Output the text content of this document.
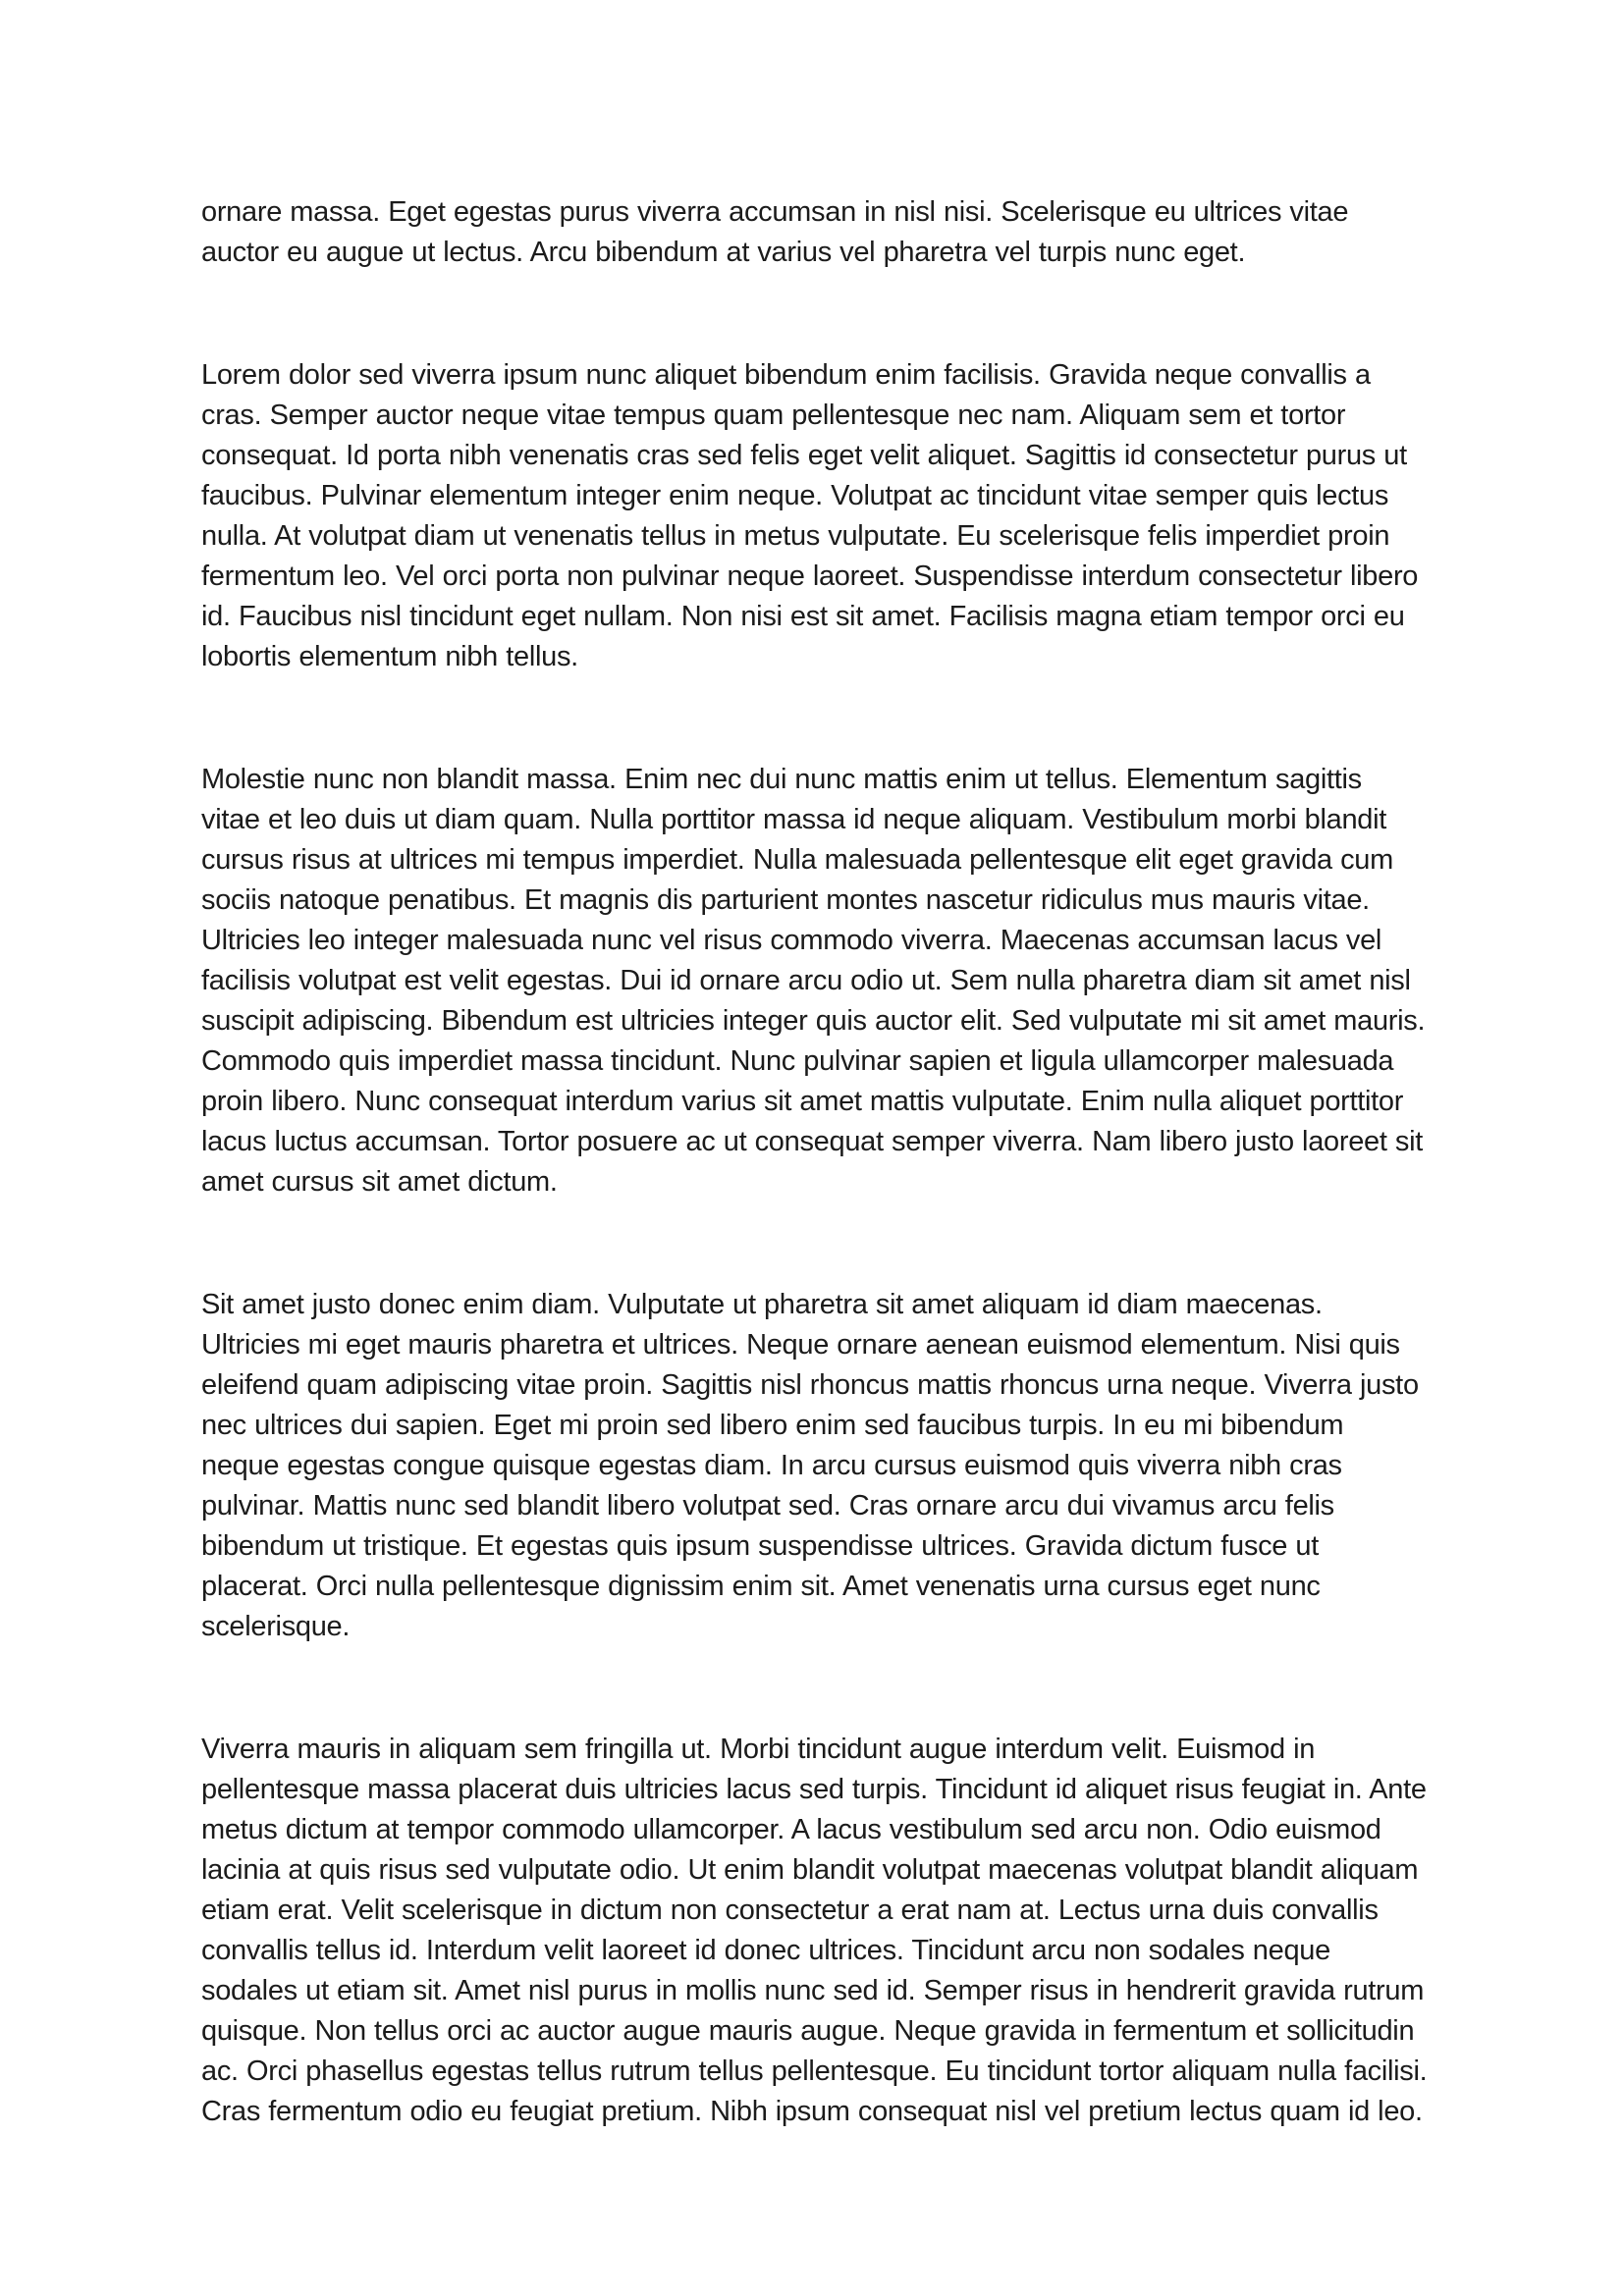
ornare massa. Eget egestas purus viverra accumsan in nisl nisi. Scelerisque eu ultrices vitae auctor eu augue ut lectus. Arcu bibendum at varius vel pharetra vel turpis nunc eget.

Lorem dolor sed viverra ipsum nunc aliquet bibendum enim facilisis. Gravida neque convallis a cras. Semper auctor neque vitae tempus quam pellentesque nec nam. Aliquam sem et tortor consequat. Id porta nibh venenatis cras sed felis eget velit aliquet. Sagittis id consectetur purus ut faucibus. Pulvinar elementum integer enim neque. Volutpat ac tincidunt vitae semper quis lectus nulla. At volutpat diam ut venenatis tellus in metus vulputate. Eu scelerisque felis imperdiet proin fermentum leo. Vel orci porta non pulvinar neque laoreet. Suspendisse interdum consectetur libero id. Faucibus nisl tincidunt eget nullam. Non nisi est sit amet. Facilisis magna etiam tempor orci eu lobortis elementum nibh tellus.

Molestie nunc non blandit massa. Enim nec dui nunc mattis enim ut tellus. Elementum sagittis vitae et leo duis ut diam quam. Nulla porttitor massa id neque aliquam. Vestibulum morbi blandit cursus risus at ultrices mi tempus imperdiet. Nulla malesuada pellentesque elit eget gravida cum sociis natoque penatibus. Et magnis dis parturient montes nascetur ridiculus mus mauris vitae. Ultricies leo integer malesuada nunc vel risus commodo viverra. Maecenas accumsan lacus vel facilisis volutpat est velit egestas. Dui id ornare arcu odio ut. Sem nulla pharetra diam sit amet nisl suscipit adipiscing. Bibendum est ultricies integer quis auctor elit. Sed vulputate mi sit amet mauris. Commodo quis imperdiet massa tincidunt. Nunc pulvinar sapien et ligula ullamcorper malesuada proin libero. Nunc consequat interdum varius sit amet mattis vulputate. Enim nulla aliquet porttitor lacus luctus accumsan. Tortor posuere ac ut consequat semper viverra. Nam libero justo laoreet sit amet cursus sit amet dictum.

Sit amet justo donec enim diam. Vulputate ut pharetra sit amet aliquam id diam maecenas. Ultricies mi eget mauris pharetra et ultrices. Neque ornare aenean euismod elementum. Nisi quis eleifend quam adipiscing vitae proin. Sagittis nisl rhoncus mattis rhoncus urna neque. Viverra justo nec ultrices dui sapien. Eget mi proin sed libero enim sed faucibus turpis. In eu mi bibendum neque egestas congue quisque egestas diam. In arcu cursus euismod quis viverra nibh cras pulvinar. Mattis nunc sed blandit libero volutpat sed. Cras ornare arcu dui vivamus arcu felis bibendum ut tristique. Et egestas quis ipsum suspendisse ultrices. Gravida dictum fusce ut placerat. Orci nulla pellentesque dignissim enim sit. Amet venenatis urna cursus eget nunc scelerisque.

Viverra mauris in aliquam sem fringilla ut. Morbi tincidunt augue interdum velit. Euismod in pellentesque massa placerat duis ultricies lacus sed turpis. Tincidunt id aliquet risus feugiat in. Ante metus dictum at tempor commodo ullamcorper. A lacus vestibulum sed arcu non. Odio euismod lacinia at quis risus sed vulputate odio. Ut enim blandit volutpat maecenas volutpat blandit aliquam etiam erat. Velit scelerisque in dictum non consectetur a erat nam at. Lectus urna duis convallis convallis tellus id. Interdum velit laoreet id donec ultrices. Tincidunt arcu non sodales neque sodales ut etiam sit. Amet nisl purus in mollis nunc sed id. Semper risus in hendrerit gravida rutrum quisque. Non tellus orci ac auctor augue mauris augue. Neque gravida in fermentum et sollicitudin ac. Orci phasellus egestas tellus rutrum tellus pellentesque. Eu tincidunt tortor aliquam nulla facilisi. Cras fermentum odio eu feugiat pretium. Nibh ipsum consequat nisl vel pretium lectus quam id leo.
